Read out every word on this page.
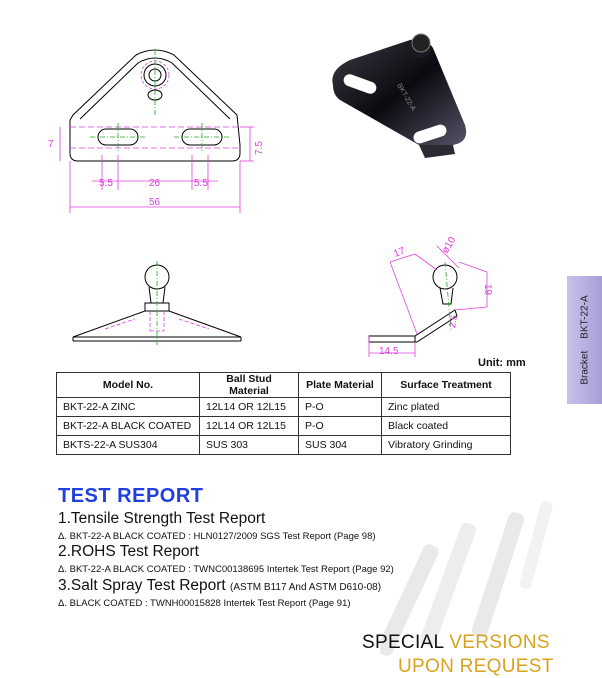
7	7.5
5.5	26	5.5
56
BKT-22-A
17	ø10
19
14.5
2.5
BracketBKT-22-A
Unit: mm
Model No.	Ball Stud Material	Plate Material	Surface Treatment
BKT-22-A ZINC	12L14 OR 12L15	P-O	Zinc plated
BKT-22-A BLACK COATED	12L14 OR 12L15	P-O	Black coated
BKTS-22-A SUS304	SUS 303	SUS 304	Vibratory Grinding
TEST REPORT
1.Tensile Strength Test Report
Δ. BKT-22-A BLACK COATED : HLN0127/2009 SGS Test Report (Page 98)
2.ROHS Test Report
Δ. BKT-22-A BLACK COATED : TWNC00138695 Intertek Test Report (Page 92)
3.Salt Spray Test Report (ASTM B117 And ASTM D610-08)
Δ. BLACK COATED : TWNH00015828 Intertek Test Report (Page 91)
SPECIAL VERSIONS
UPON REQUEST
